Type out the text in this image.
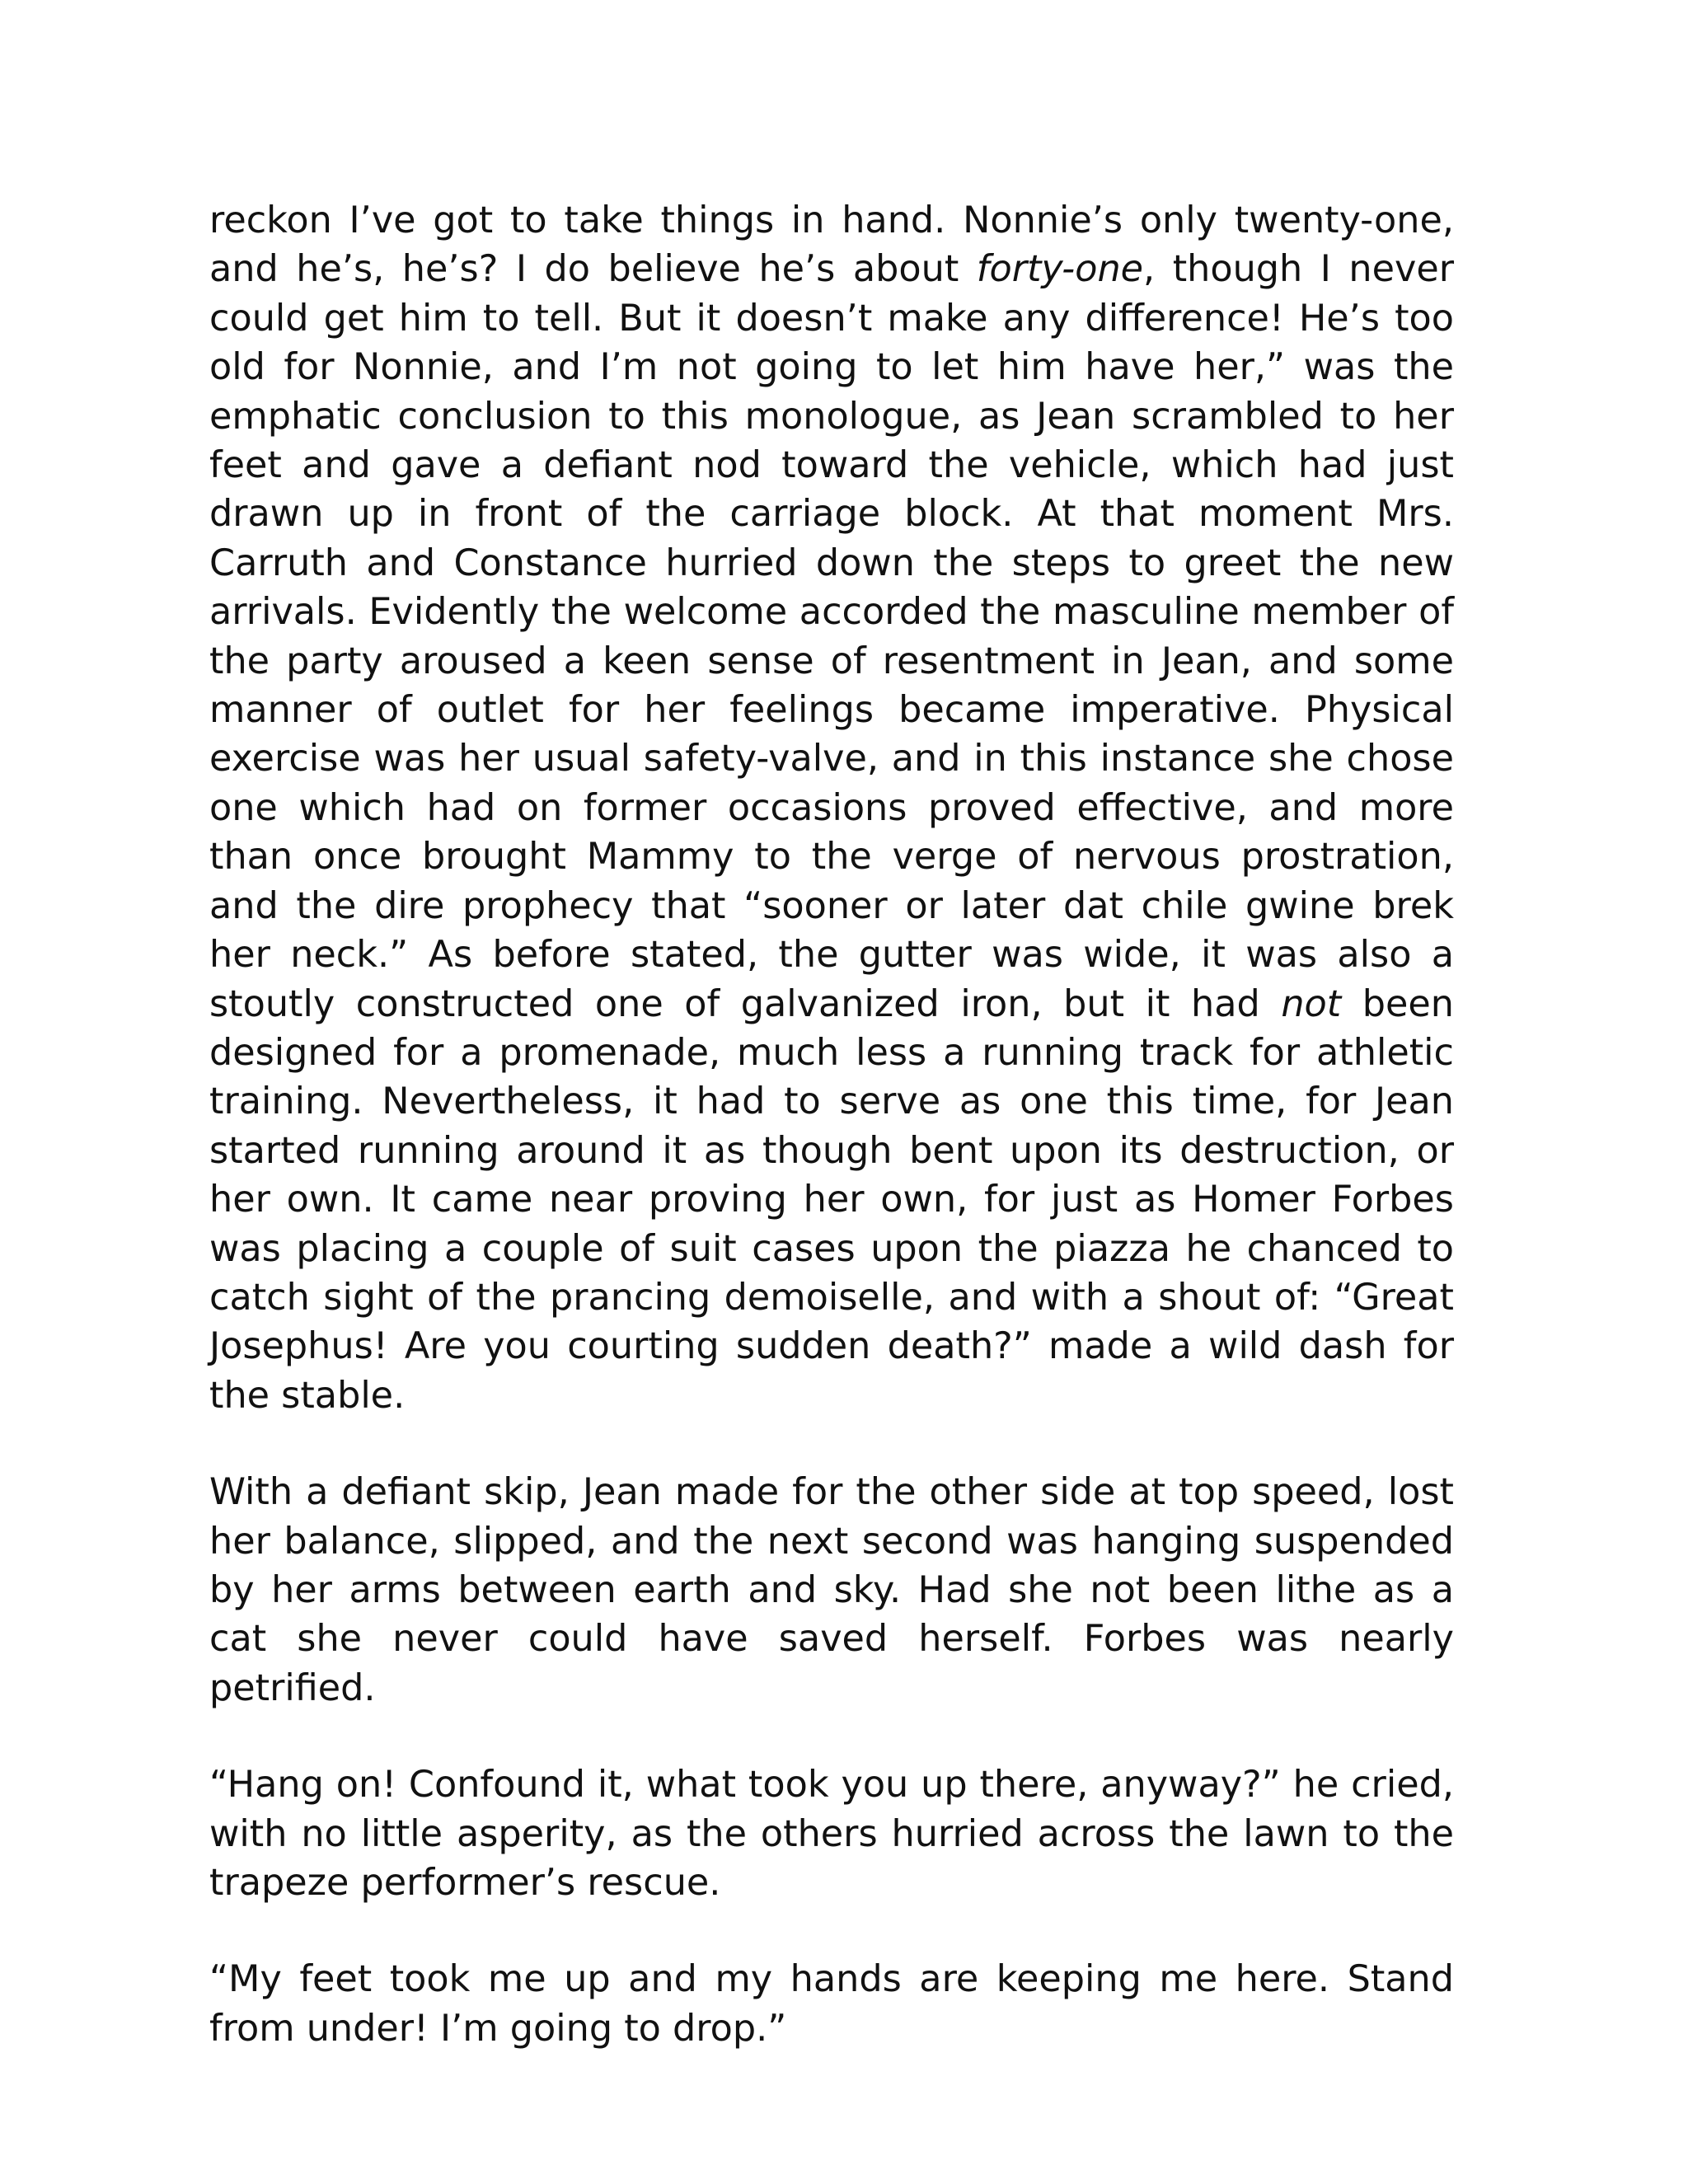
reckon I’ve got to take things in hand. Nonnie’s only twenty-one, and he’s, he’s? I do believe he’s about forty-one, though I never could get him to tell. But it doesn’t make any difference! He’s too old for Nonnie, and I’m not going to let him have her,” was the emphatic conclusion to this monologue, as Jean scrambled to her feet and gave a defiant nod toward the vehicle, which had just drawn up in front of the carriage block. At that moment Mrs. Carruth and Constance hurried down the steps to greet the new arrivals. Evidently the welcome accorded the masculine member of the party aroused a keen sense of resentment in Jean, and some manner of outlet for her feelings became imperative. Physical exercise was her usual safety-valve, and in this instance she chose one which had on former occasions proved effective, and more than once brought Mammy to the verge of nervous prostration, and the dire prophecy that “sooner or later dat chile gwine brek her neck.” As before stated, the gutter was wide, it was also a stoutly constructed one of galvanized iron, but it had not been designed for a promenade, much less a running track for athletic training. Nevertheless, it had to serve as one this time, for Jean started running around it as though bent upon its destruction, or her own. It came near proving her own, for just as Homer Forbes was placing a couple of suit cases upon the piazza he chanced to catch sight of the prancing demoiselle, and with a shout of: “Great Josephus! Are you courting sudden death?” made a wild dash for the stable.

With a defiant skip, Jean made for the other side at top speed, lost her balance, slipped, and the next second was hanging suspended by her arms between earth and sky. Had she not been lithe as a cat she never could have saved herself. Forbes was nearly petrified.

“Hang on! Confound it, what took you up there, anyway?” he cried, with no little asperity, as the others hurried across the lawn to the trapeze performer’s rescue.

“My feet took me up and my hands are keeping me here. Stand from under! I’m going to drop.”
